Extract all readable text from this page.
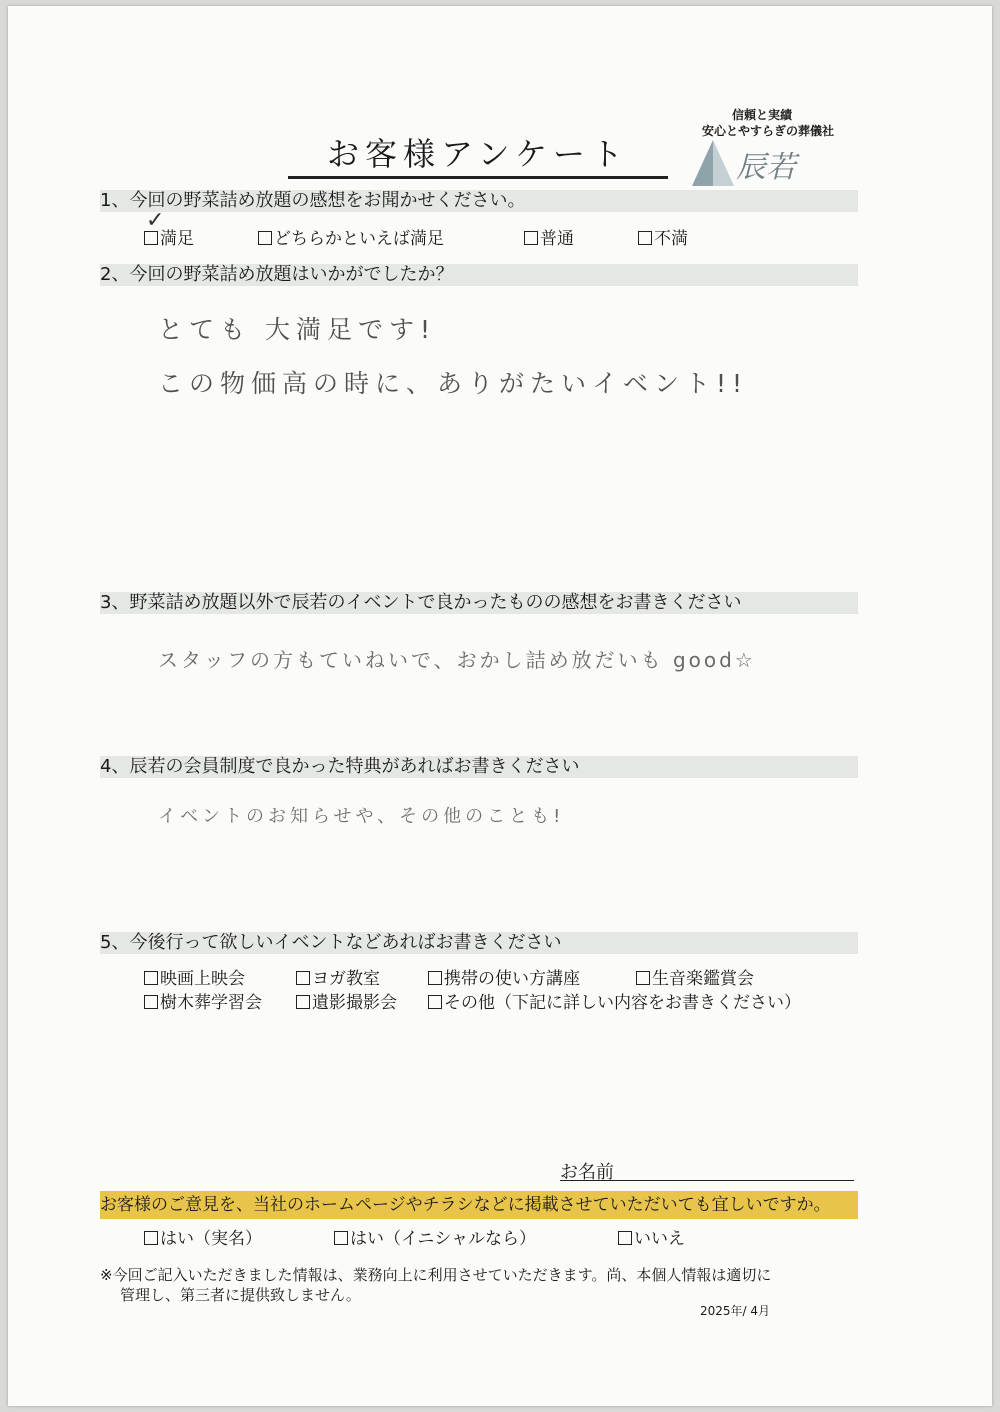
お客様アンケート
信頼と実績
安心とやすらぎの葬儀社
辰若
1、今回の野菜詰め放題の感想をお聞かせください。
✓
満足	どちらかといえば満足	普通	不満
2、今回の野菜詰め放題はいかがでしたか？
とても 大満足です!
この物価高の時に、ありがたいイベント!!
3、野菜詰め放題以外で辰若のイベントで良かったものの感想をお書きください
スタッフの方もていねいで、おかし詰め放だいも good☆
4、辰若の会員制度で良かった特典があればお書きください
イベントのお知らせや、その他のことも!
5、今後行って欲しいイベントなどあればお書きください
映画上映会	ヨガ教室	携帯の使い方講座	生音楽鑑賞会
樹木葬学習会	遺影撮影会	その他（下記に詳しい内容をお書きください）
お名前
お客様のご意見を、当社のホームページやチラシなどに掲載させていただいても宜しいですか。
はい（実名）	はい（イニシャルなら）	いいえ
※今回ご記入いただきました情報は、業務向上に利用させていただきます。尚、本個人情報は適切に
管理し、第三者に提供致しません。
2025年/ 4月
